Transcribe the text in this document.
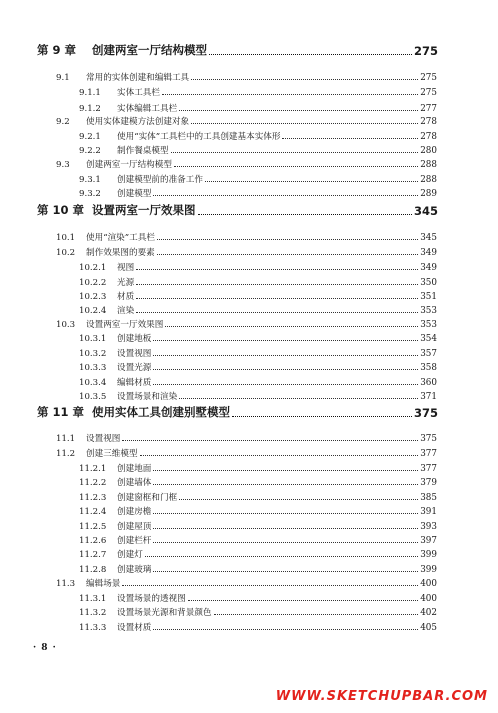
第 9 章	创建两室一厅结构模型	275
9.1	常用的实体创建和编辑工具	275
9.1.1	实体工具栏	275
9.1.2	实体编辑工具栏	277
9.2	使用实体建模方法创建对象	278
9.2.1	使用“实体”工具栏中的工具创建基本实体形	278
9.2.2	制作餐桌模型	280
9.3	创建两室一厅结构模型	288
9.3.1	创建模型前的准备工作	288
9.3.2	创建模型	289
第 10 章 设置两室一厅效果图	345
10.1	使用“渲染”工具栏	345
10.2	制作效果图的要素	349
10.2.1	视图	349
10.2.2	光源	350
10.2.3	材质	351
10.2.4	渲染	353
10.3	设置两室一厅效果图	353
10.3.1	创建地板	354
10.3.2	设置视图	357
10.3.3	设置光源	358
10.3.4	编辑材质	360
10.3.5	设置场景和渲染	371
第 11 章 使用实体工具创建别墅模型	375
11.1	设置视图	375
11.2	创建三维模型	377
11.2.1	创建地面	377
11.2.2	创建墙体	379
11.2.3	创建窗框和门框	385
11.2.4	创建房檐	391
11.2.5	创建屋顶	393
11.2.6	创建栏杆	397
11.2.7	创建灯	399
11.2.8	创建玻璃	399
11.3	编辑场景	400
11.3.1	设置场景的透视图	400
11.3.2	设置场景光源和背景颜色	402
11.3.3	设置材质	405
· 8 ·
WWW.SKETCHUPBAR.COM
